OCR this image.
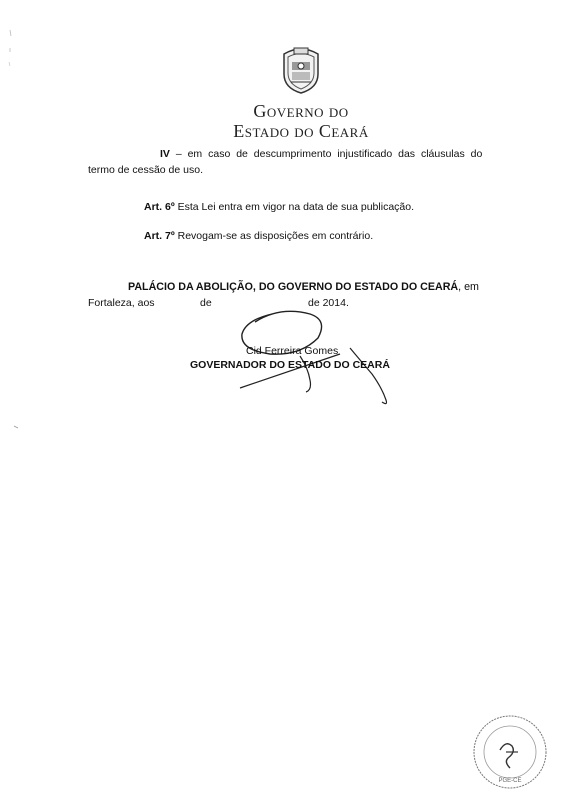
GOVERNO DO
ESTADO DO CEARÁ
IV – em caso de descumprimento injustificado das cláusulas do
termo de cessão de uso.
Art. 6º Esta Lei entra em vigor na data de sua publicação.
Art. 7º Revogam-se as disposições em contrário.
PALÁCIO DA ABOLIÇÃO, DO GOVERNO DO ESTADO DO CEARÁ, em
Fortaleza, aos	de	de 2014.
Cid Ferreira Gomes
GOVERNADOR DO ESTADO DO CEARÁ
PGE-CE
